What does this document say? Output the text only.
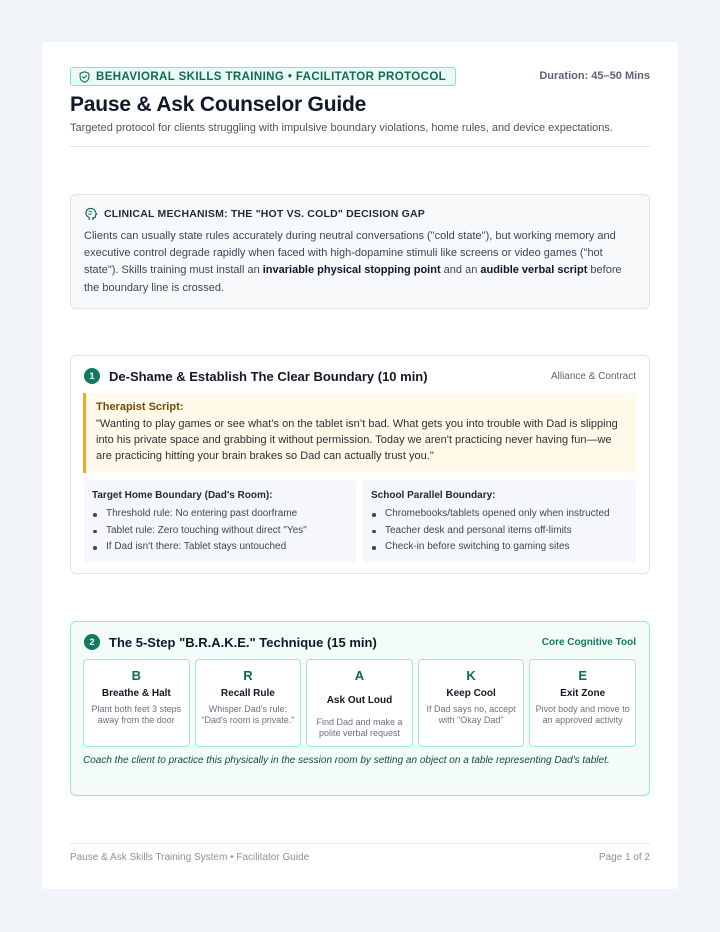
BEHAVIORAL SKILLS TRAINING • FACILITATOR PROTOCOL	Duration: 45–50 Mins
Pause & Ask Counselor Guide
Targeted protocol for clients struggling with impulsive boundary violations, home rules, and device expectations.
CLINICAL MECHANISM: THE "HOT VS. COLD" DECISION GAP

Clients can usually state rules accurately during neutral conversations ("cold state"), but working memory and executive control degrade rapidly when faced with high-dopamine stimuli like screens or video games ("hot state"). Skills training must install an invariable physical stopping point and an audible verbal script before the boundary line is crossed.

1	De-Shame & Establish The Clear Boundary (10 min)	Alliance & Contract
Therapist Script:
"Wanting to play games or see what’s on the tablet isn’t bad. What gets you into trouble with Dad is slipping into his private space and grabbing it without permission. Today we aren't practicing never having fun—we are practicing hitting your brain brakes so Dad can actually trust you."
Target Home Boundary (Dad's Room):
Threshold rule: No entering past doorframe
Tablet rule: Zero touching without direct "Yes"
If Dad isn't there: Tablet stays untouched
School Parallel Boundary:
Chromebooks/tablets opened only when instructed
Teacher desk and personal items off-limits
Check-in before switching to gaming sites
2	The 5-Step "B.R.A.K.E." Technique (15 min)	Core Cognitive Tool
B
Breathe & Halt
Plant both feet 3 steps away from the door
R
Recall Rule
Whisper Dad's rule: "Dad's room is private."
A
Ask Out Loud
Find Dad and make a polite verbal request
K
Keep Cool
If Dad says no, accept with "Okay Dad"
E
Exit Zone
Pivot body and move to an approved activity
Coach the client to practice this physically in the session room by setting an object on a table representing Dad's tablet.
Pause & Ask Skills Training System • Facilitator Guide	Page 1 of 2
